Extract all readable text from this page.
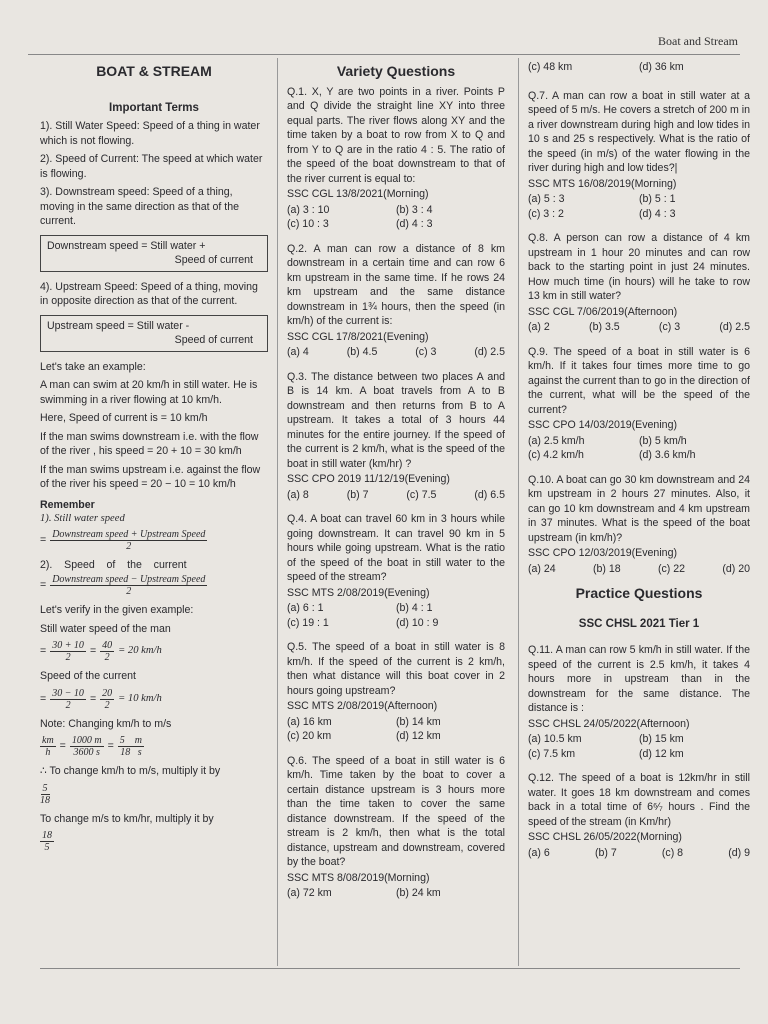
Boat and Stream
BOAT & STREAM
Important Terms

1). Still Water Speed: Speed of a thing in water which is not flowing.

2). Speed of Current: The speed at which water is flowing.

3). Downstream speed: Speed of a thing, moving in the same direction as that of the current.

Downstream speed = Still water +
Speed of current

4). Upstream Speed: Speed of a thing, moving in opposite direction as that of the current.

Upstream speed = Still water -
Speed of current

Let's take an example:

A man can swim at 20 km/h in still water. He is swimming in a river flowing at 10 km/h.

Here, Speed of current is = 10 km/h

If the man swims downstream i.e. with the flow of the river , his speed = 20 + 10 = 30 km/h

If the man swims upstream i.e. against the flow of the river his speed = 20 − 10 = 10 km/h

Remember
1). Still water speed
= $\frac{\text{Downstream speed + Upstream Speed}}{2}$
2).    Speed    of    the    current
= $\frac{\text{Downstream speed − Upstream Speed}}{2}$

Let's verify in the given example:

Still water speed of the man

= $\frac{30 + 10}{2} = \frac{40}{2} = 20$ km/h

Speed of the current

= $\frac{30 - 10}{2} = \frac{20}{2} = 10$ km/h

Note: Changing km/h to m/s

$\frac{km}{h} = \frac{1000 m}{3600 s} = \frac{5 m}{18 s}$

∴ To change km/h to m/s, multiply it by

$\frac{5}{18}$

To change m/s to km/hr, multiply it by

$\frac{18}{5}$
Variety Questions
Q.1. X, Y are two points in a river. Points P and Q divide the straight line XY into three equal parts. The river flows along XY and the time taken by a boat to row from X to Q and from Y to Q are in the ratio 4 : 5. The ratio of the speed of the boat downstream to that of the river current is equal to:
SSC CGL 13/8/2021(Morning)
(a) 3 : 10	(b) 3 : 4
(c) 10 : 3	(d) 4 : 3
Q.2. A man can row a distance of 8 km downstream in a certain time and can row 6 km upstream in the same time. If he rows 24 km upstream and the same distance downstream in 1¾ hours, then the speed (in km/h) of the current is:
SSC CGL 17/8/2021(Evening)
(a) 4	(b) 4.5	(c) 3	(d) 2.5
Q.3. The distance between two places A and B is 14 km. A boat travels from A to B downstream and then returns from B to A upstream. It takes a total of 3 hours 44 minutes for the entire journey. If the speed of the current is 2 km/h, what is the speed of the boat in still water (km/hr) ?
SSC CPO 2019 11/12/19(Evening)
(a) 8	(b) 7	(c) 7.5	(d) 6.5
Q.4. A boat can travel 60 km in 3 hours while going downstream. It can travel 90 km in 5 hours while going upstream. What is the ratio of the speed of the boat in still water to the speed of the stream?
SSC MTS 2/08/2019(Evening)
(a) 6 : 1	(b) 4 : 1
(c) 19 : 1	(d) 10 : 9
Q.5. The speed of a boat in still water is 8 km/h. If the speed of the current is 2 km/h, then what distance will this boat cover in 2 hours going upstream?
SSC MTS 2/08/2019(Afternoon)
(a) 16 km	(b) 14 km
(c) 20 km	(d) 12 km
Q.6. The speed of a boat in still water is 6 km/h. Time taken by the boat to cover a certain distance upstream is 3 hours more than the time taken to cover the same distance downstream. If the speed of the stream is 2 km/h, then what is the total distance, upstream and downstream, covered by the boat?
SSC MTS 8/08/2019(Morning)
(a) 72 km	(b) 24 km
(c) 48 km	(d) 36 km
Q.7. A man can row a boat in still water at a speed of 5 m/s. He covers a stretch of 200 m in a river downstream during high and low tides in 10 s and 25 s respectively. What is the ratio of the speed (in m/s) of the water flowing in the river during high and low tides?|
SSC MTS 16/08/2019(Morning)
(a) 5 : 3	(b) 5 : 1
(c) 3 : 2	(d) 4 : 3
Q.8. A person can row a distance of 4 km upstream in 1 hour 20 minutes and can row back to the starting point in just 24 minutes. How much time (in hours) will he take to row 13 km in still water?
SSC CGL 7/06/2019(Afternoon)
(a) 2	(b) 3.5	(c) 3	(d) 2.5
Q.9. The speed of a boat in still water is 6 km/h. If it takes four times more time to go against the current than to go in the direction of the current, what will be the speed of the current?
SSC CPO 14/03/2019(Evening)
(a) 2.5 km/h	(b) 5 km/h
(c) 4.2 km/h	(d) 3.6 km/h
Q.10. A boat can go 30 km downstream and 24 km upstream in 2 hours 27 minutes. Also, it can go 10 km downstream and 4 km upstream in 37 minutes. What is the speed of the boat upstream (in km/h)?
SSC CPO 12/03/2019(Evening)
(a) 24	(b) 18	(c) 22	(d) 20
Practice Questions
SSC CHSL 2021 Tier 1
Q.11. A man can row 5 km/h in still water. If the speed of the current is 2.5 km/h, it takes 4 hours more in upstream than in the downstream for the same distance. The distance is :
SSC CHSL 24/05/2022(Afternoon)
(a) 10.5 km	(b) 15 km
(c) 7.5 km	(d) 12 km
Q.12. The speed of a boat is 12km/hr in still water. It goes 18 km downstream and comes back in a total time of 6⁶⁄₇ hours . Find the speed of the stream (in Km/hr)
SSC CHSL 26/05/2022(Morning)
(a) 6	(b) 7	(c) 8	(d) 9
